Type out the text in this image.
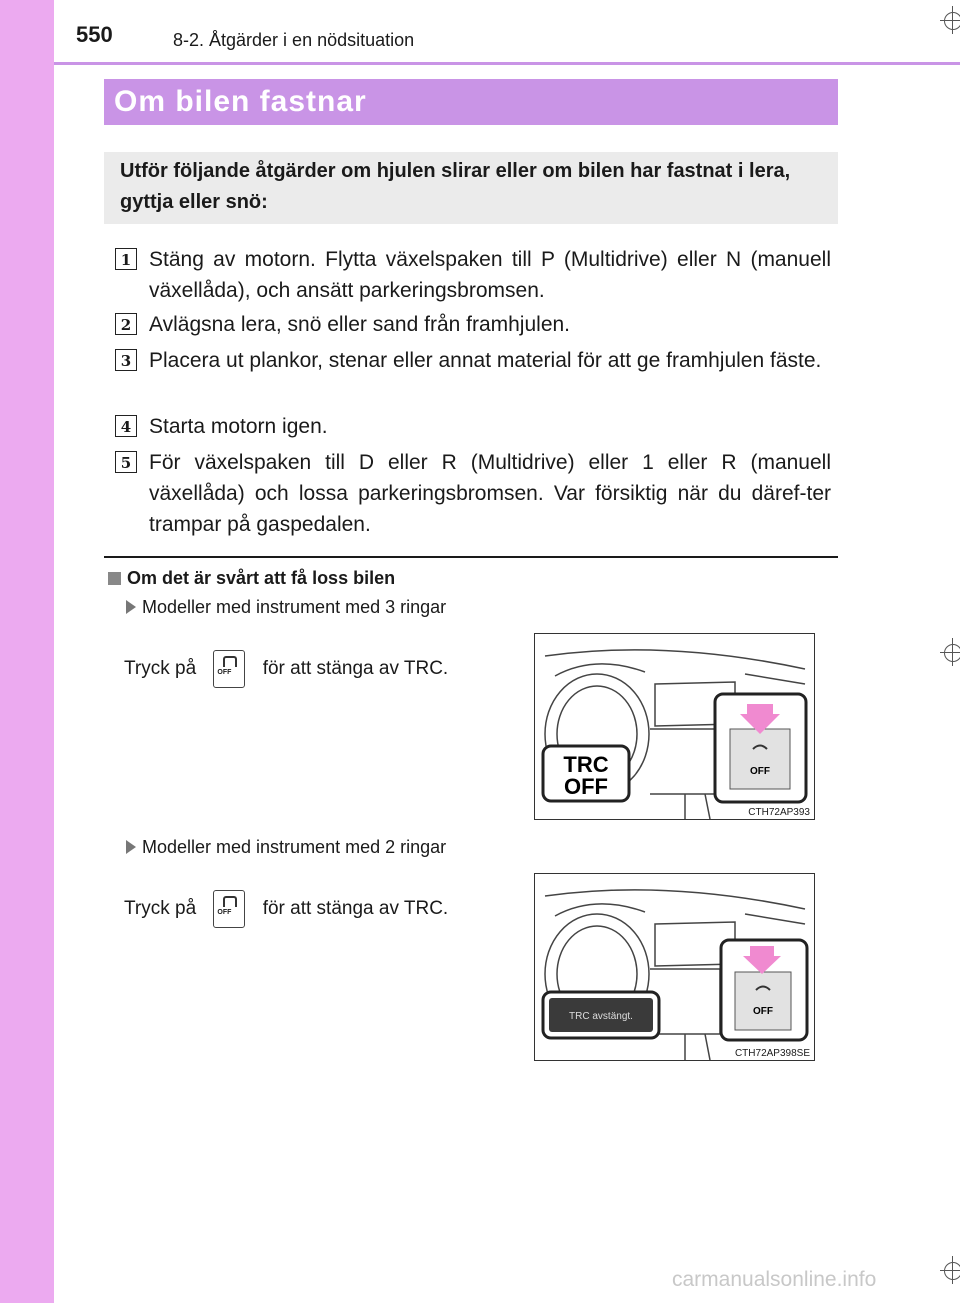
550	8-2. Åtgärder i en nödsituation
Om bilen fastnar

Utför följande åtgärder om hjulen slirar eller om bilen har fastnat i lera, gyttja eller snö:

1 Stäng av motorn. Flytta växelspaken till P (Multidrive) eller N (manuell växellåda), och ansätt parkeringsbromsen.
2 Avlägsna lera, snö eller sand från framhjulen.
3 Placera ut plankor, stenar eller annat material för att ge framhjulen fäste.
4 Starta motorn igen.
5 För växelspaken till D eller R (Multidrive) eller 1 eller R (manuell växellåda) och lossa parkeringsbromsen. Var försiktig när du däref-ter trampar på gaspedalen.
Om det är svårt att få loss bilen
Modeller med instrument med 3 ringar
Tryck på	OFF för att stänga av TRC.
TRC
OFF
OFF
CTH72AP393
Modeller med instrument med 2 ringar
Tryck på	OFF för att stänga av TRC.
TRC avstängt.	OFF
CTH72AP398SE
carmanualsonline.info
